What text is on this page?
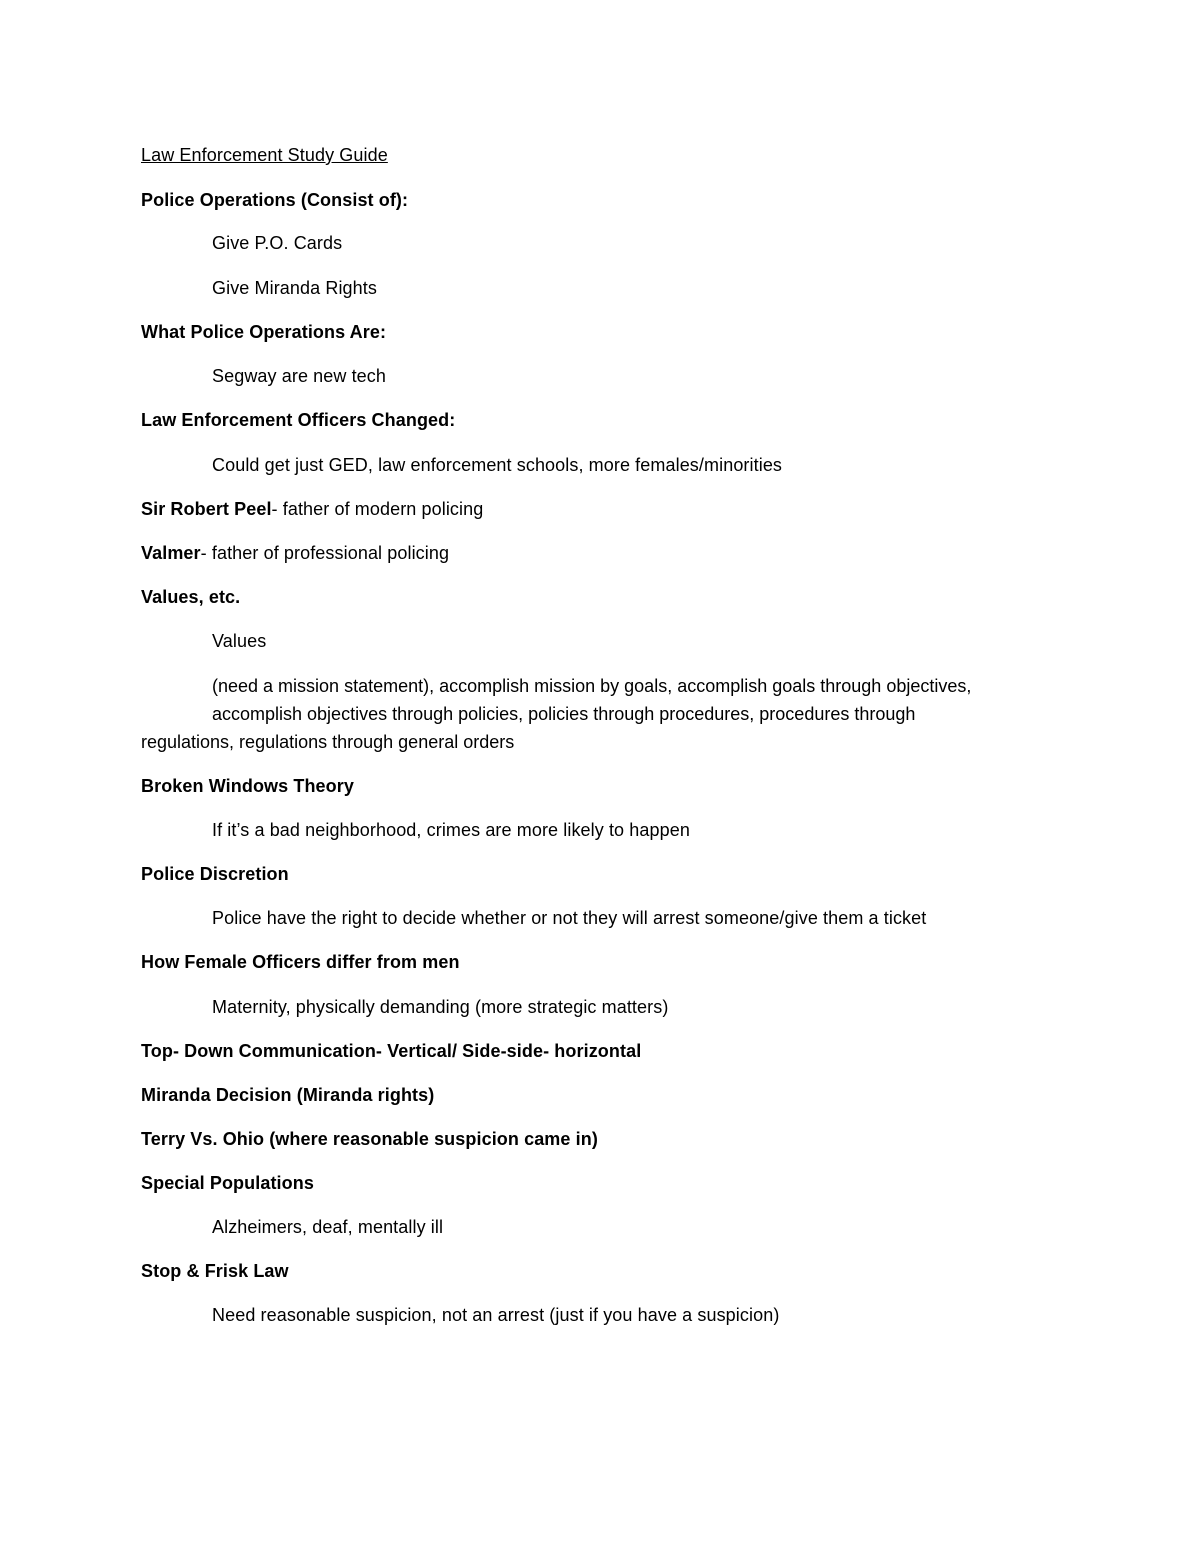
Law Enforcement Study Guide
Police Operations (Consist of):
Give P.O. Cards
Give Miranda Rights
What Police Operations Are:
Segway are new tech
Law Enforcement Officers Changed:
Could get just GED, law enforcement schools, more females/minorities
Sir Robert Peel- father of modern policing
Valmer- father of professional policing
Values, etc.
Values
(need a mission statement), accomplish mission by goals, accomplish goals through objectives,
accomplish objectives through policies, policies through procedures, procedures through
regulations, regulations through general orders
Broken Windows Theory
If it’s a bad neighborhood, crimes are more likely to happen
Police Discretion
Police have the right to decide whether or not they will arrest someone/give them a ticket
How Female Officers differ from men
Maternity, physically demanding (more strategic matters)
Top- Down Communication- Vertical/ Side-side- horizontal
Miranda Decision (Miranda rights)
Terry Vs. Ohio (where reasonable suspicion came in)
Special Populations
Alzheimers, deaf, mentally ill
Stop & Frisk Law
Need reasonable suspicion, not an arrest (just if you have a suspicion)
